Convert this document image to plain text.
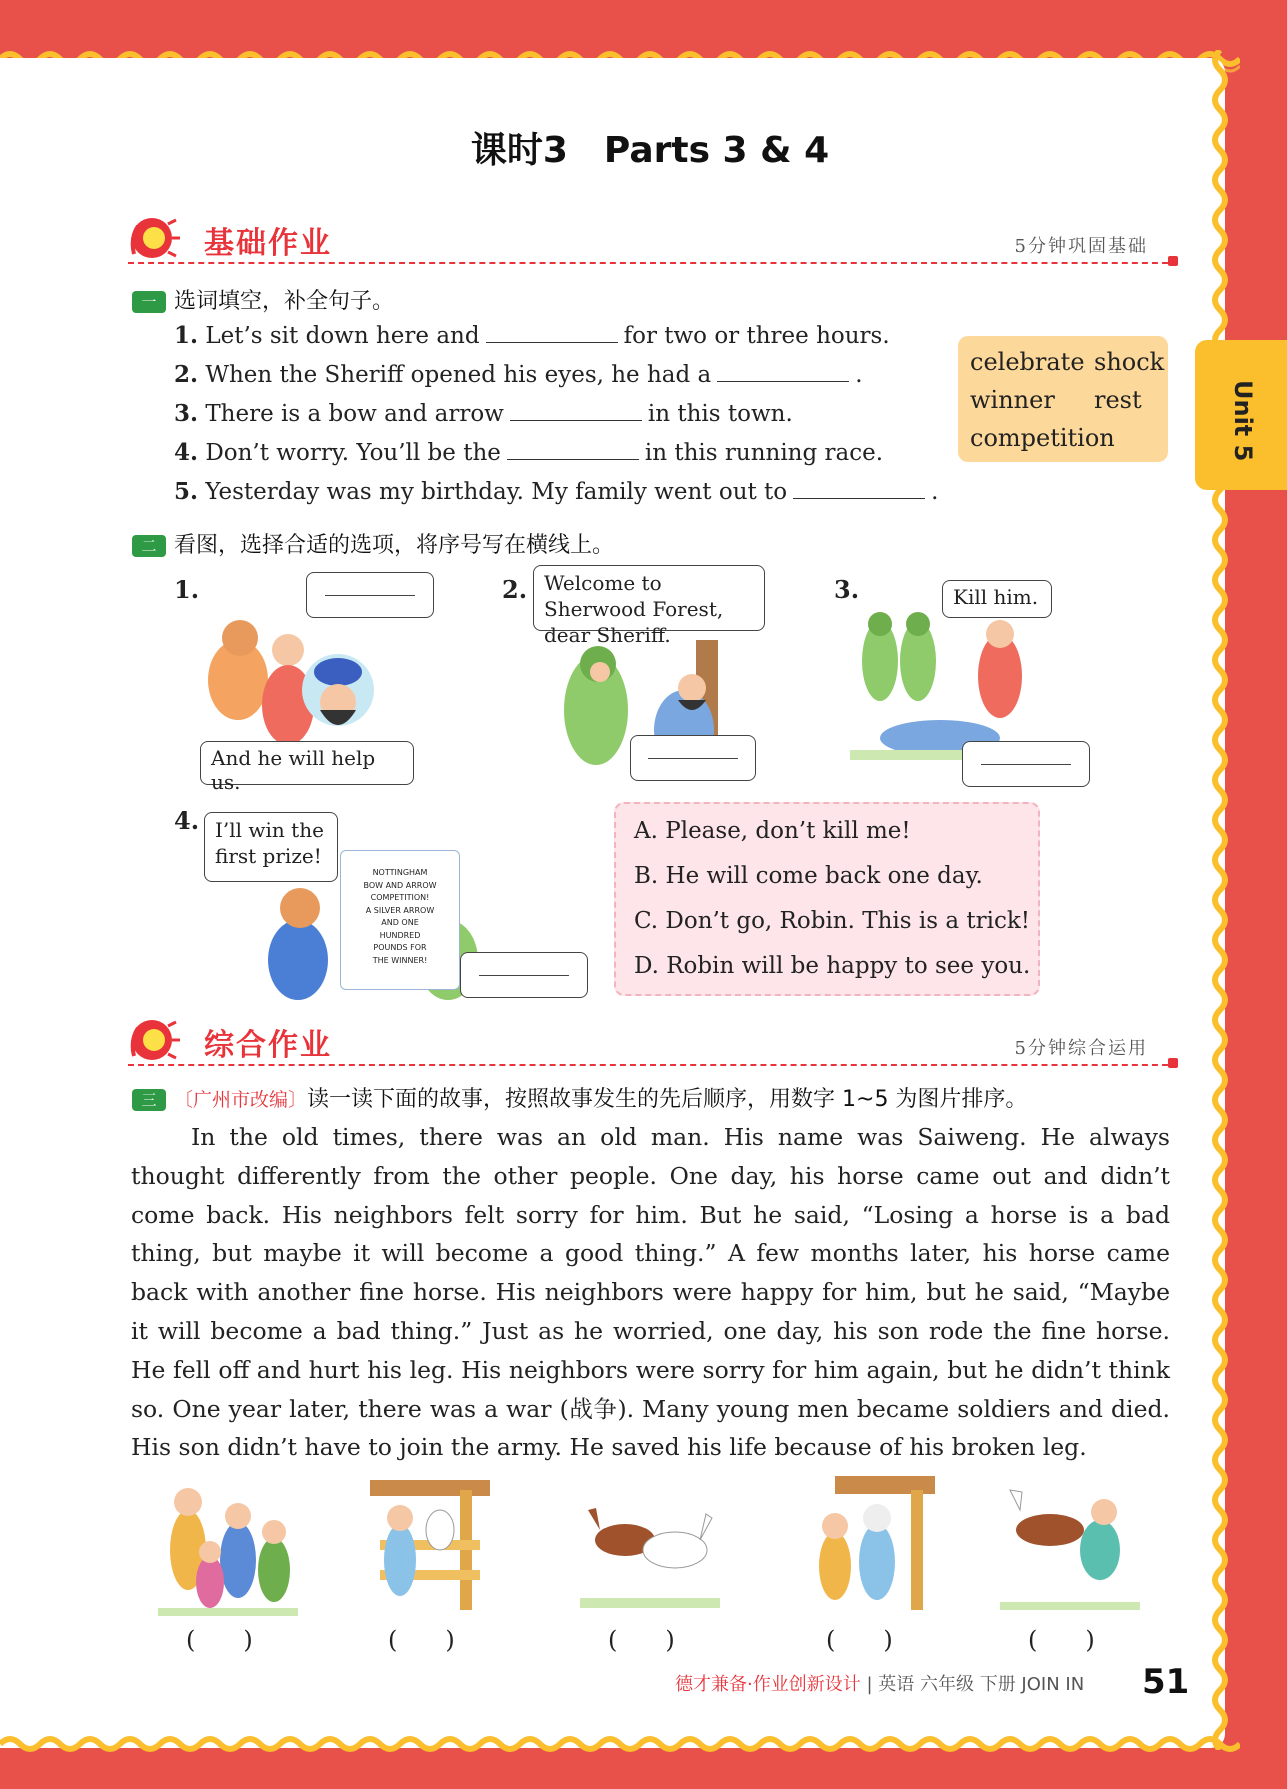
Unit 5
课时3　Parts 3 & 4
基础作业	5分钟巩固基础
一 选词填空，补全句子。
1. Let’s sit down here and	for two or three hours.
2. When the Sheriff opened his eyes, he had a	.
3. There is a bow and arrow	in this town.
4. Don’t worry. You’ll be the	in this running race.
5. Yesterday was my birthday. My family went out to	.
celebrate shock
winner rest
competition
二 看图，选择合适的选项，将序号写在横线上。
1.
And he will help us.
2. Welcome to Sherwood Forest, dear Sheriff.
3.	Kill him.
4.
NOTTINGHAM
BOW AND ARROW
COMPETITION!
A SILVER ARROW
AND ONE
HUNDRED
POUNDS FOR
THE WINNER!
I’ll win the first prize!
A. Please, don’t kill me!
B. He will come back one day.
C. Don’t go, Robin. This is a trick!
D. Robin will be happy to see you.
综合作业	5分钟综合运用
三 〔广州市改编〕读一读下面的故事，按照故事发生的先后顺序，用数字 1~5 为图片排序。

In the old times, there was an old man. His name was Saiweng. He always thought differently from the other people. One day, his horse came out and didn’t come back. His neighbors felt sorry for him. But he said, “Losing a horse is a bad thing, but maybe it will become a good thing.” A few months later, his horse came back with another fine horse. His neighbors were happy for him, but he said, “Maybe it will become a bad thing.” Just as he worried, one day, his son rode the fine horse. He fell off and hurt his leg. His neighbors were sorry for him again, but he didn’t think so. One year later, there was a war (战争). Many young men became soldiers and died. His son didn’t have to join the army. He saved his life because of his broken leg.

(　　)	(　　)	(　　)	(　　)	(　　)
德才兼备·作业创新设计 | 英语 六年级 下册 JOIN IN 51
